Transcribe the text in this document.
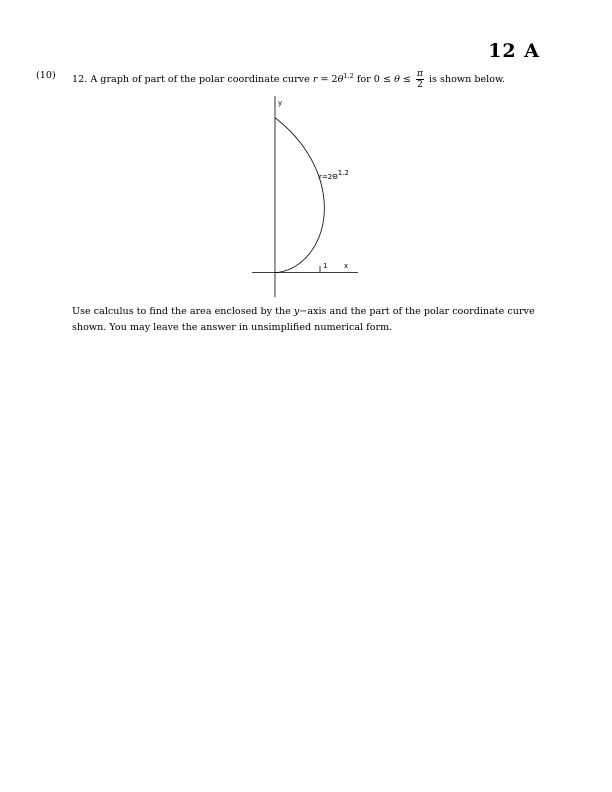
12 A
(10) 12. A graph of part of the polar coordinate curve $r = 2\theta^{1.2}$ for $0 \le \theta \le \frac{\pi}{2}$ is shown below.
y
x
1
r=2Θ1.2
Use calculus to find the area enclosed by the y−axis and the part of the polar coordinate curve shown. You may leave the answer in unsimplified numerical form.
